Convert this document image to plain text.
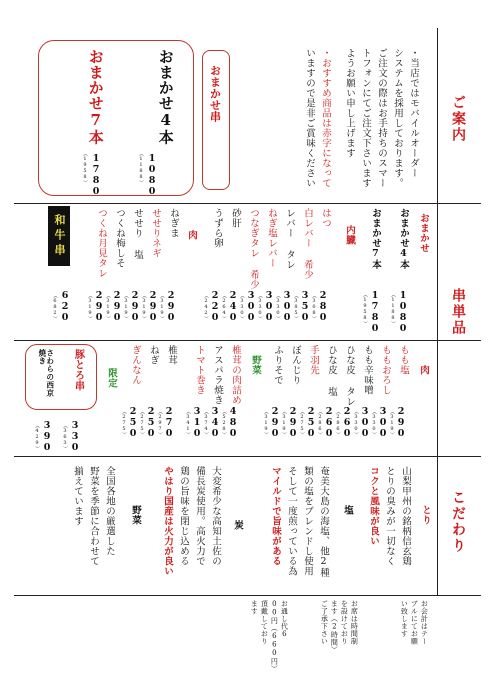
ご案内
・当店ではモバイルオーダー
システムを採用しております。
ご注文の際はお手持ちのスマー
トフォンにてご注文下さいます
ようお願い申し上げます
・おすすめ商品は赤字になって
いますので是非ご賞味ください
おまかせ串
おまかせ4本
おまかせ7本
1080
（1188）
1780
（1958）
串単品
おまかせ
おまかせ4本
1080
（1188）
おまかせ7本
1780
（1958）
内臓
はつ
280
（308）
白レバー 希少
350
（385）
レバー タレ
300
（330）
ねぎ塩レバー
300
（330）
つなぎタレ 希少
300
（330）
砂肝
240
（264）
うずら卵
220
（242）
肉
ねぎま
290
（319）
せせりネギ
290
（319）
せせり 塩
290
（319）
つくね梅しそ
290
（319）
つくね月見タレ
290
（319）
和牛串
620
（682）
肉
もも塩
290
（319）
ももおろし
300
（330）
もも辛味噌
300
（330）
ひな皮 タレ
260
（286）
ひな皮 塩
260
（286）
手羽先
250
（275）
ぼんじり
290
（319）
ふりそで
290
（319）
野菜
椎茸の肉詰め
480
（528）
アスパラ焼き
340
（374）
トマト巻き
310
（341）
椎茸
270
（297）
ねぎ
250
（275）
ぎんなん
250
（275）
限定
豚とろ串
さわらの西京焼き
330
（363）
390
（429）
こだわり
とり
山梨甲州の銘柄信玄鶏
とりの臭みが一切なく
コクと風味が良い
塩
奄美大島の海塩、他2種
類の塩をブレンドし使用
そして一度煎っている為
マイルドで旨味がある
炭
大変希少な高知土佐の
備長炭使用。高火力で
鶏の旨味を閉じ込める
やはり国産は火力が良い
野菜
全国各地の厳選した
野菜を季節に合わせて
揃えています
お会計はテー
ブルにてお願
い致します
お席は時間制
を設けており
ます（2時間）
ご了承下さい
お通し代6
00円（660円）
頂戴しており
ます
